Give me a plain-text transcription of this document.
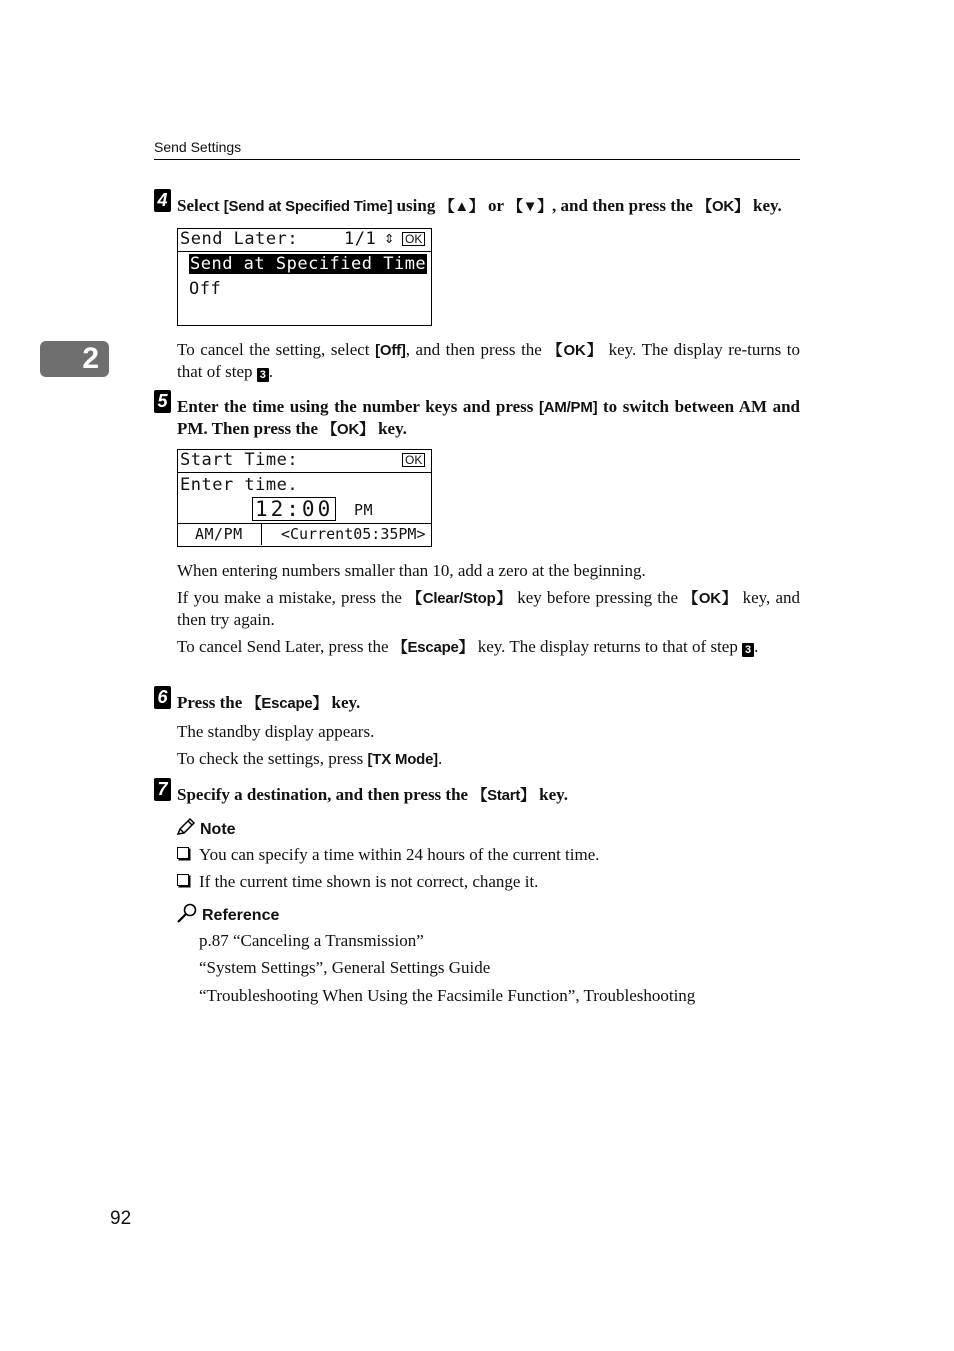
Send Settings
2
4 Select [Send at Specified Time] using 【▲】 or 【▼】, and then press the 【OK】 key.
Send Later:	1/1 ⇕ OK
Send at Specified Time
Off
To cancel the setting, select [Off], and then press the 【OK】 key. The display re-turns to that of step 3 .
5 Enter the time using the number keys and press [AM/PM] to switch between AM and PM. Then press the 【OK】 key.
Start Time:	OK
Enter time.
12:00 PM
AM/PM	<Current05:35PM>
When entering numbers smaller than 10, add a zero at the beginning.
If you make a mistake, press the 【Clear/Stop】 key before pressing the 【OK】 key, and then try again.
To cancel Send Later, press the 【Escape】 key. The display returns to that of step 3 .
6 Press the 【Escape】 key.
The standby display appears.
To check the settings, press [TX Mode].
7 Specify a destination, and then press the 【Start】 key.
Note
You can specify a time within 24 hours of the current time.
If the current time shown is not correct, change it.
Reference
p.87 “Canceling a Transmission”
“System Settings”, General Settings Guide
“Troubleshooting When Using the Facsimile Function”, Troubleshooting
92
